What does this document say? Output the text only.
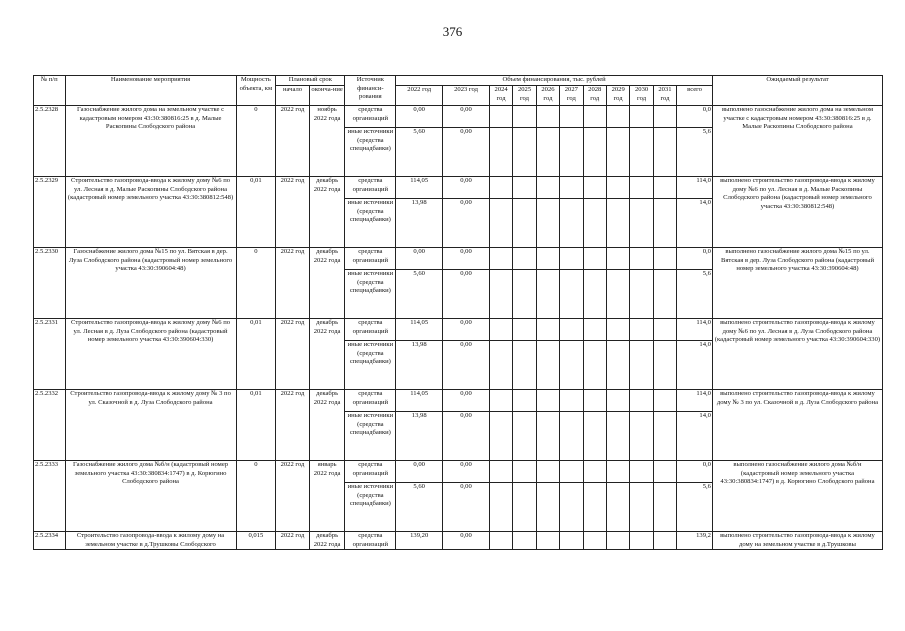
376
№ п/п	Наименование мероприятия	Мощность объекта, км	Плановый срок		Источник финанси-рования	Объем финансирования, тыс. рублей											Ожидаемый результат
			начало	оконча-ние		2022 год	2023 год	2024 год	2025 год	2026 год	2027 год	2028 год	2029 год	2030 год	2031 год	всего	
2.5.2328	Газоснабжение жилого дома на земельном участке с кадастровым номером 43:30:380816:25 в д. Малые Раскопины Слободского района	0	2022 год	ноябрь 2022 года	средства организаций	0,00	0,00									0,0	выполнено газоснабжение жилого дома на земельном участке с кадастровым номером 43:30:380816:25 в д. Малые Раскопины Слободского района
					иные источники (средства спецнадбавки)	5,60	0,00									5,6	
2.5.2329	Строительство газопровода-ввода к жилому дому №6 по ул. Лесная в д. Малые Раскопины Слободского района (кадастровый номер земельного участка 43:30:380812:548)	0,01	2022 год	декабрь 2022 года	средства организаций	114,05	0,00									114,0	выполнено строительство газопровода-ввода к жилому дому №6 по ул. Лесная в д. Малые Раскопины Слободского района (кадастровый номер земельного участка 43:30:380812:548)
					иные источники (средства спецнадбавки)	13,98	0,00									14,0	
2.5.2330	Газоснабжение жилого дома №15 по ул. Вятская в дер. Луза Слободского района (кадастровый номер земельного участка 43:30:390604:48)	0	2022 год	декабрь 2022 года	средства организаций	0,00	0,00									0,0	выполнено газоснабжение жилого дома №15 по ул. Вятская в дер. Луза Слободского района (кадастровый номер земельного участка 43:30:390604:48)
					иные источники (средства спецнадбавки)	5,60	0,00									5,6	
2.5.2331	Строительство газопровода-ввода к жилому дому №6 по ул. Лесная в д. Луза Слободского района (кадастровый номер земельного участка 43:30:390604:330)	0,01	2022 год	декабрь 2022 года	средства организаций	114,05	0,00									114,0	выполнено строительство газопровода-ввода к жилому дому №6 по ул. Лесная в д. Луза Слободского района (кадастровый номер земельного участка 43:30:390604:330)
					иные источники (средства спецнадбавки)	13,98	0,00									14,0	
2.5.2332	Строительство газопровода-ввода к жилому дому № 3 по ул. Сказочной в д. Луза Слободского района	0,01	2022 год	декабрь 2022 года	средства организаций	114,05	0,00									114,0	выполнено строительство газопровода-ввода к жилому дому № 3 по ул. Сказочной в д. Луза Слободского района
					иные источники (средства спецнадбавки)	13,98	0,00									14,0	
2.5.2333	Газоснабжение жилого дома №б/н (кадастровый номер земельного участка 43:30:380834:1747) в д. Корюгино Слободского района	0	2022 год	январь 2022 года	средства организаций	0,00	0,00									0,0	выполнено газоснабжение жилого дома №б/н (кадастровый номер земельного участка 43:30:380834:1747) в д. Корюгино Слободского района
					иные источники (средства спецнадбавки)	5,60	0,00									5,6	
2.5.2334	Строительство газопровода-ввода к жилому дому на земельном участке в д.Трушковы Слободского	0,015	2022 год	декабрь 2022 года	средства организаций	139,20	0,00									139,2	выполнено строительство газопровода-ввода к жилому дому на земельном участке в д.Трушковы
